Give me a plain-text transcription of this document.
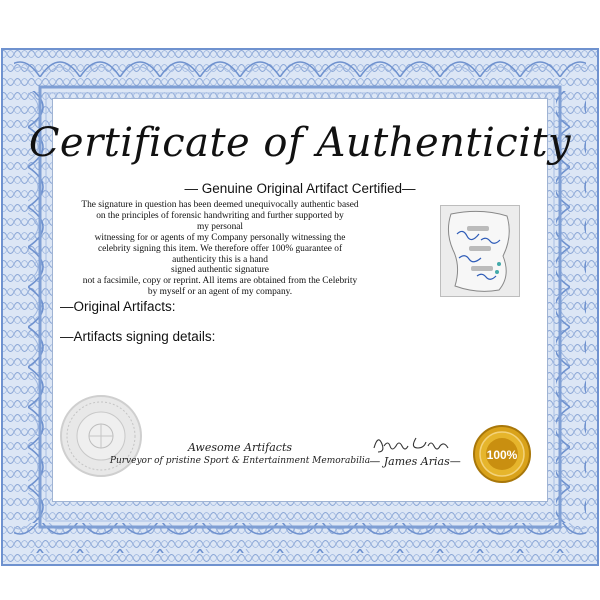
Certificate of Authenticity
— Genuine Original Artifact Certified—
The signature in question has been deemed unequivocally authentic based
on the principles of forensic handwriting and further supported by
my personal
witnessing for or agents of my Company personally witnessing the
celebrity signing this item. We therefore offer 100% guarantee of
authenticity this is a hand
signed authentic signature
not a facsimile, copy or reprint. All items are obtained from the Celebrity
by myself or an agent of my company.
—Original Artifacts:
—Artifacts signing details:
Awesome Artifacts
Purveyor of pristine Sport & Entertainment Memorabilia — James Arias—	100%
